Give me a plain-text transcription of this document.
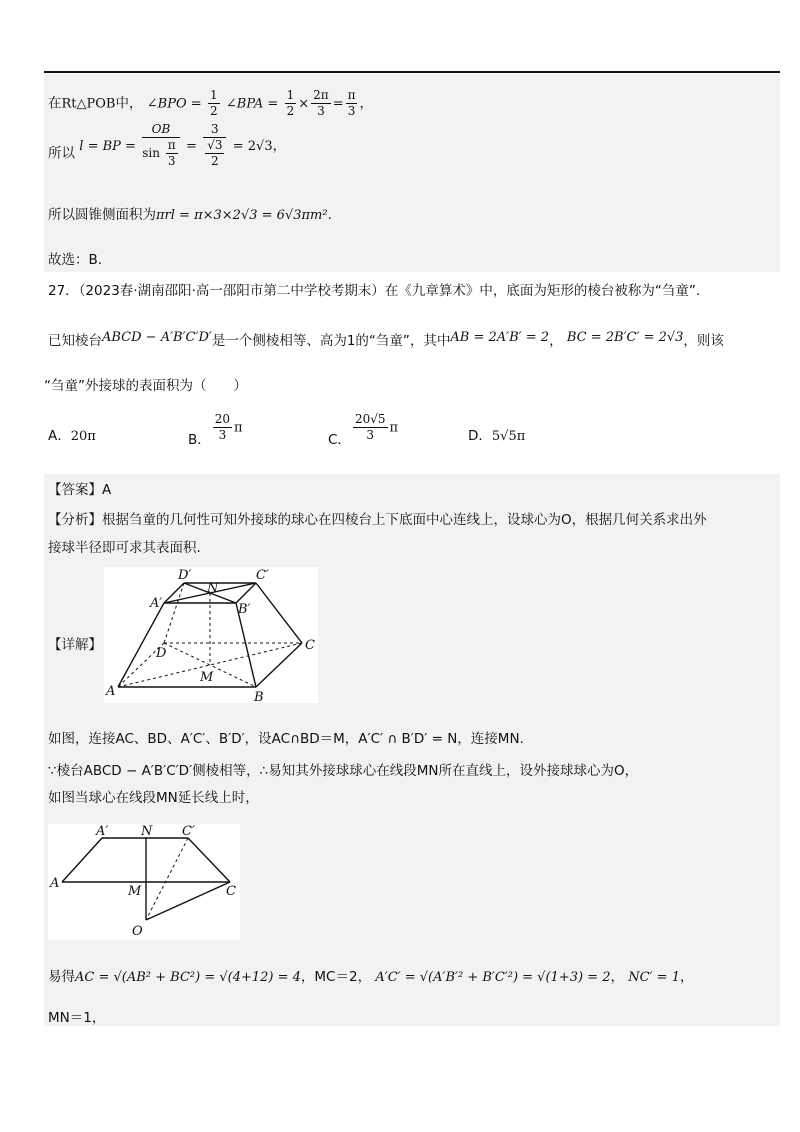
在Rt△POB中， ∠BPO = $\frac{1}{2}$ ∠BPA = $\frac{1}{2} \times \frac{2\pi}{3} = \frac{\pi}{3}$ ，
所以 l = BP = $\frac{OB}{\sin \frac{\pi}{3}} = \frac{3}{\frac{√3}{2}} = 2√3$，
所以圆锥侧面积为πrl = π×3×2√3 = 6√3πm².
故选：B.
27．（2023春·湖南邵阳·高一邵阳市第二中学校考期末）在《九章算术》中，底面为矩形的棱台被称为“刍童”.
已知棱台ABCD − A′B′C′D′是一个侧棱相等、高为1的“刍童”，其中AB = 2A′B′ = 2， BC = 2B′C′ = 2√3，则该
“刍童”外接球的表面积为（　　）
A．20π	B． $\frac{20}{3}$ π
C． $\frac{20√5}{3}$ π	D．5√5π
【答案】A
【分析】根据刍童的几何性可知外接球的球心在四棱台上下底面中心连线上，设球心为O，根据几何关系求出外
接球半径即可求其表面积.
【详解】
D′	C′
A′	B′
N
D
C
A	B
M
如图，连接AC、BD、A′C′、B′D′，设AC∩BD＝M，A′C′ ∩ B′D′ = N，连接MN.
∵棱台ABCD − A′B′C′D′侧棱相等，∴易知其外接球球心在线段MN所在直线上，设外接球球心为O，
如图当球心在线段MN延长线上时，
A′	N C′
A
M	C
O
易得AC = √(AB² + BC²) = √(4+12) = 4，MC＝2， A′C′ = √(A′B′² + B′C′²) = √(1+3) = 2， NC′ = 1，
MN＝1，
